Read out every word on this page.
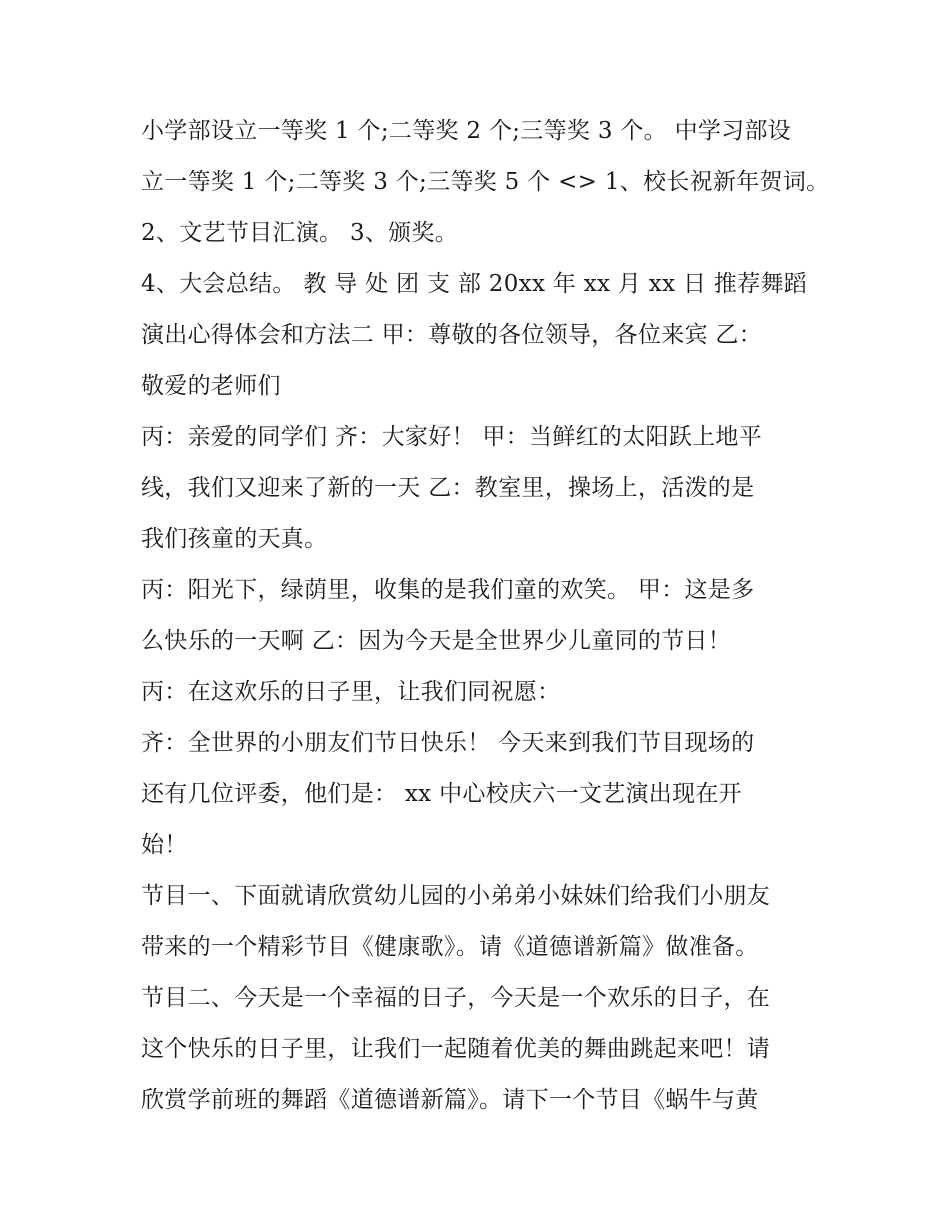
小学部设立一等奖 1 个;二等奖 2 个;三等奖 3 个。 中学习部设
立一等奖 1 个;二等奖 3 个;三等奖 5 个 <> 1、校长祝新年贺词。
2、文艺节目汇演。 3、颁奖。
4、大会总结。 教 导 处 团 支 部 20xx 年 xx 月 xx 日 推荐舞蹈
演出心得体会和方法二 甲：尊敬的各位领导，各位来宾 乙：
敬爱的老师们
丙：亲爱的同学们 齐：大家好！ 甲：当鲜红的太阳跃上地平
线，我们又迎来了新的一天 乙：教室里，操场上，活泼的是
我们孩童的天真。
丙：阳光下，绿荫里，收集的是我们童的欢笑。 甲：这是多
么快乐的一天啊 乙：因为今天是全世界少儿童同的节日！
丙：在这欢乐的日子里，让我们同祝愿：
齐：全世界的小朋友们节日快乐！ 今天来到我们节目现场的
还有几位评委，他们是： xx 中心校庆六一文艺演出现在开
始！
节目一、下面就请欣赏幼儿园的小弟弟小妹妹们给我们小朋友
带来的一个精彩节目《健康歌》。请《道德谱新篇》做准备。
节目二、今天是一个幸福的日子，今天是一个欢乐的日子，在
这个快乐的日子里，让我们一起随着优美的舞曲跳起来吧！请
欣赏学前班的舞蹈《道德谱新篇》。请下一个节目《蜗牛与黄
